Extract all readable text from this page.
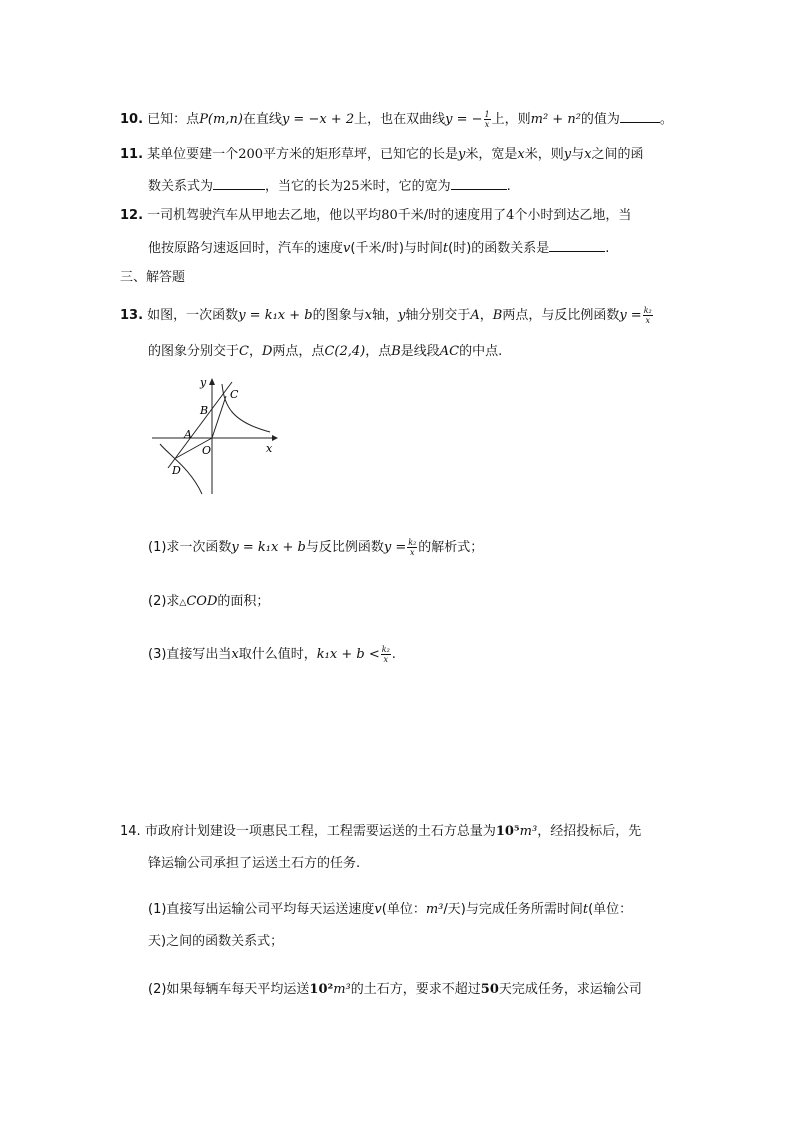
10. 已知：点P(m,n)在直线y = −x + 2上，也在双曲线y = − $\frac{1}{x}$ 上，则m² + n²的值为	。
11. 某单位要建一个200平方米的矩形草坪，已知它的长是y米，宽是x米，则y与x之间的函
数关系式为	，当它的长为25米时，它的宽为	.
12. 一司机驾驶汽车从甲地去乙地，他以平均80千米/时的速度用了4个小时到达乙地，当
他按原路匀速返回时，汽车的速度v(千米/时)与时间t(时)的函数关系是	.
三、解答题
13. 如图，一次函数y = k₁x + b的图象与x轴，y轴分别交于A，B两点，与反比例函数$y = \frac{\text{k₂}}{x}$
的图象分别交于C，D两点，点C(2,4)，点B是线段AC的中点.
y
x
O
A
B
C
D
(1)求一次函数y = k₁x + b与反比例函数$y = \frac{\text{k₂}}{x}$ 的解析式；
(2)求△COD的面积；
(3)直接写出当x取什么值时，$k_1x + b < \frac{\text{k₂}}{x}$ .
14. 市政府计划建设一项惠民工程，工程需要运送的土石方总量为10⁵m³，经招投标后，先
锋运输公司承担了运送土石方的任务.
(1)直接写出运输公司平均每天运送速度v(单位：m³/天)与完成任务所需时间t(单位：
天)之间的函数关系式；
(2)如果每辆车每天平均运送10²m³的土石方，要求不超过50天完成任务，求运输公司
